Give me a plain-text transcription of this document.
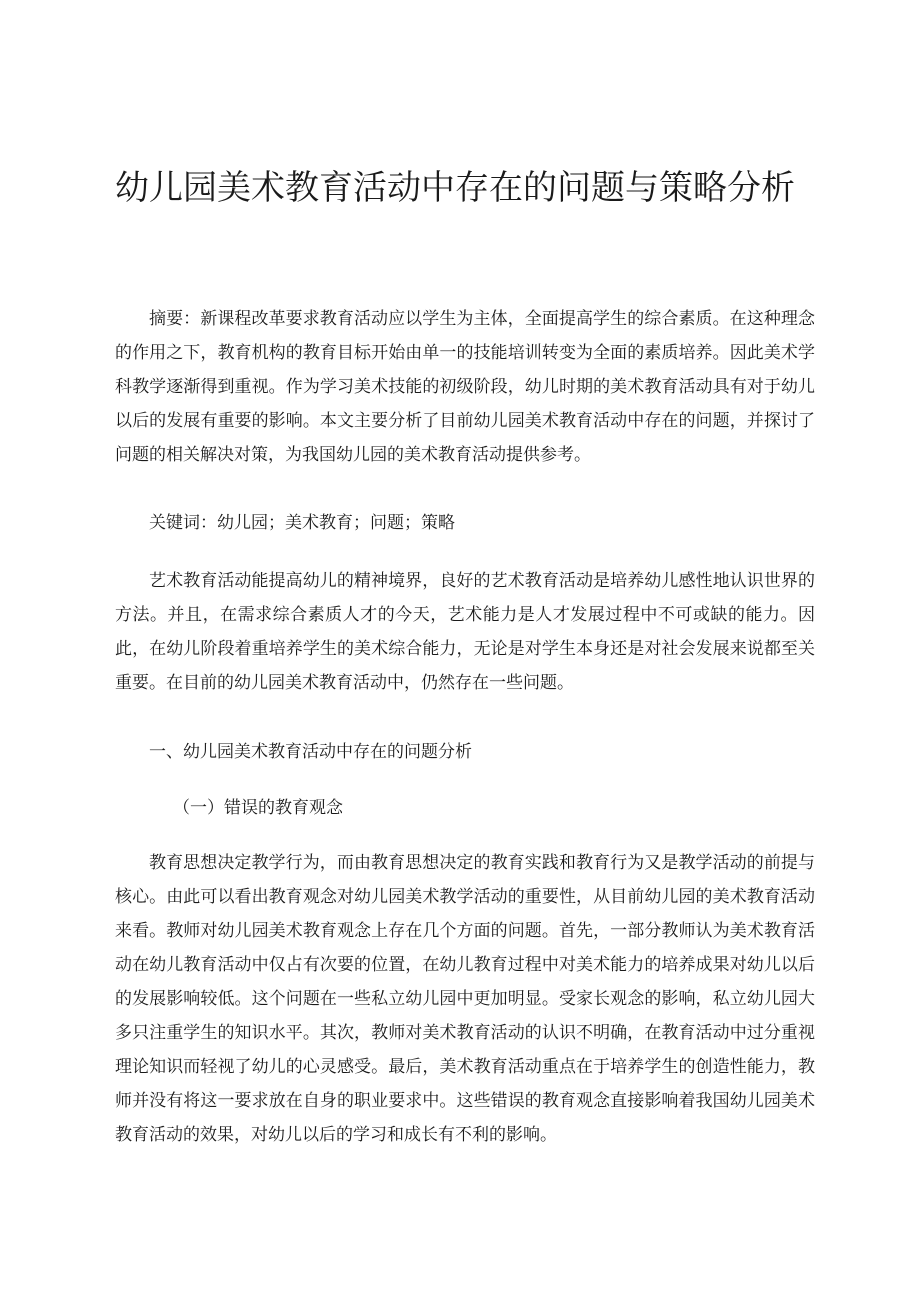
幼儿园美术教育活动中存在的问题与策略分析

摘要：新课程改革要求教育活动应以学生为主体，全面提高学生的综合素质。在这种理念的作用之下，教育机构的教育目标开始由单一的技能培训转变为全面的素质培养。因此美术学科教学逐渐得到重视。作为学习美术技能的初级阶段，幼儿时期的美术教育活动具有对于幼儿以后的发展有重要的影响。本文主要分析了目前幼儿园美术教育活动中存在的问题，并探讨了问题的相关解决对策，为我国幼儿园的美术教育活动提供参考。

关键词：幼儿园；美术教育；问题；策略

艺术教育活动能提高幼儿的精神境界，良好的艺术教育活动是培养幼儿感性地认识世界的方法。并且，在需求综合素质人才的今天，艺术能力是人才发展过程中不可或缺的能力。因此，在幼儿阶段着重培养学生的美术综合能力，无论是对学生本身还是对社会发展来说都至关重要。在目前的幼儿园美术教育活动中，仍然存在一些问题。

一、幼儿园美术教育活动中存在的问题分析

（一）错误的教育观念

教育思想决定教学行为，而由教育思想决定的教育实践和教育行为又是教学活动的前提与核心。由此可以看出教育观念对幼儿园美术教学活动的重要性，从目前幼儿园的美术教育活动来看。教师对幼儿园美术教育观念上存在几个方面的问题。首先，一部分教师认为美术教育活动在幼儿教育活动中仅占有次要的位置，在幼儿教育过程中对美术能力的培养成果对幼儿以后的发展影响较低。这个问题在一些私立幼儿园中更加明显。受家长观念的影响，私立幼儿园大多只注重学生的知识水平。其次，教师对美术教育活动的认识不明确，在教育活动中过分重视理论知识而轻视了幼儿的心灵感受。最后，美术教育活动重点在于培养学生的创造性能力，教师并没有将这一要求放在自身的职业要求中。这些错误的教育观念直接影响着我国幼儿园美术教育活动的效果，对幼儿以后的学习和成长有不利的影响。
